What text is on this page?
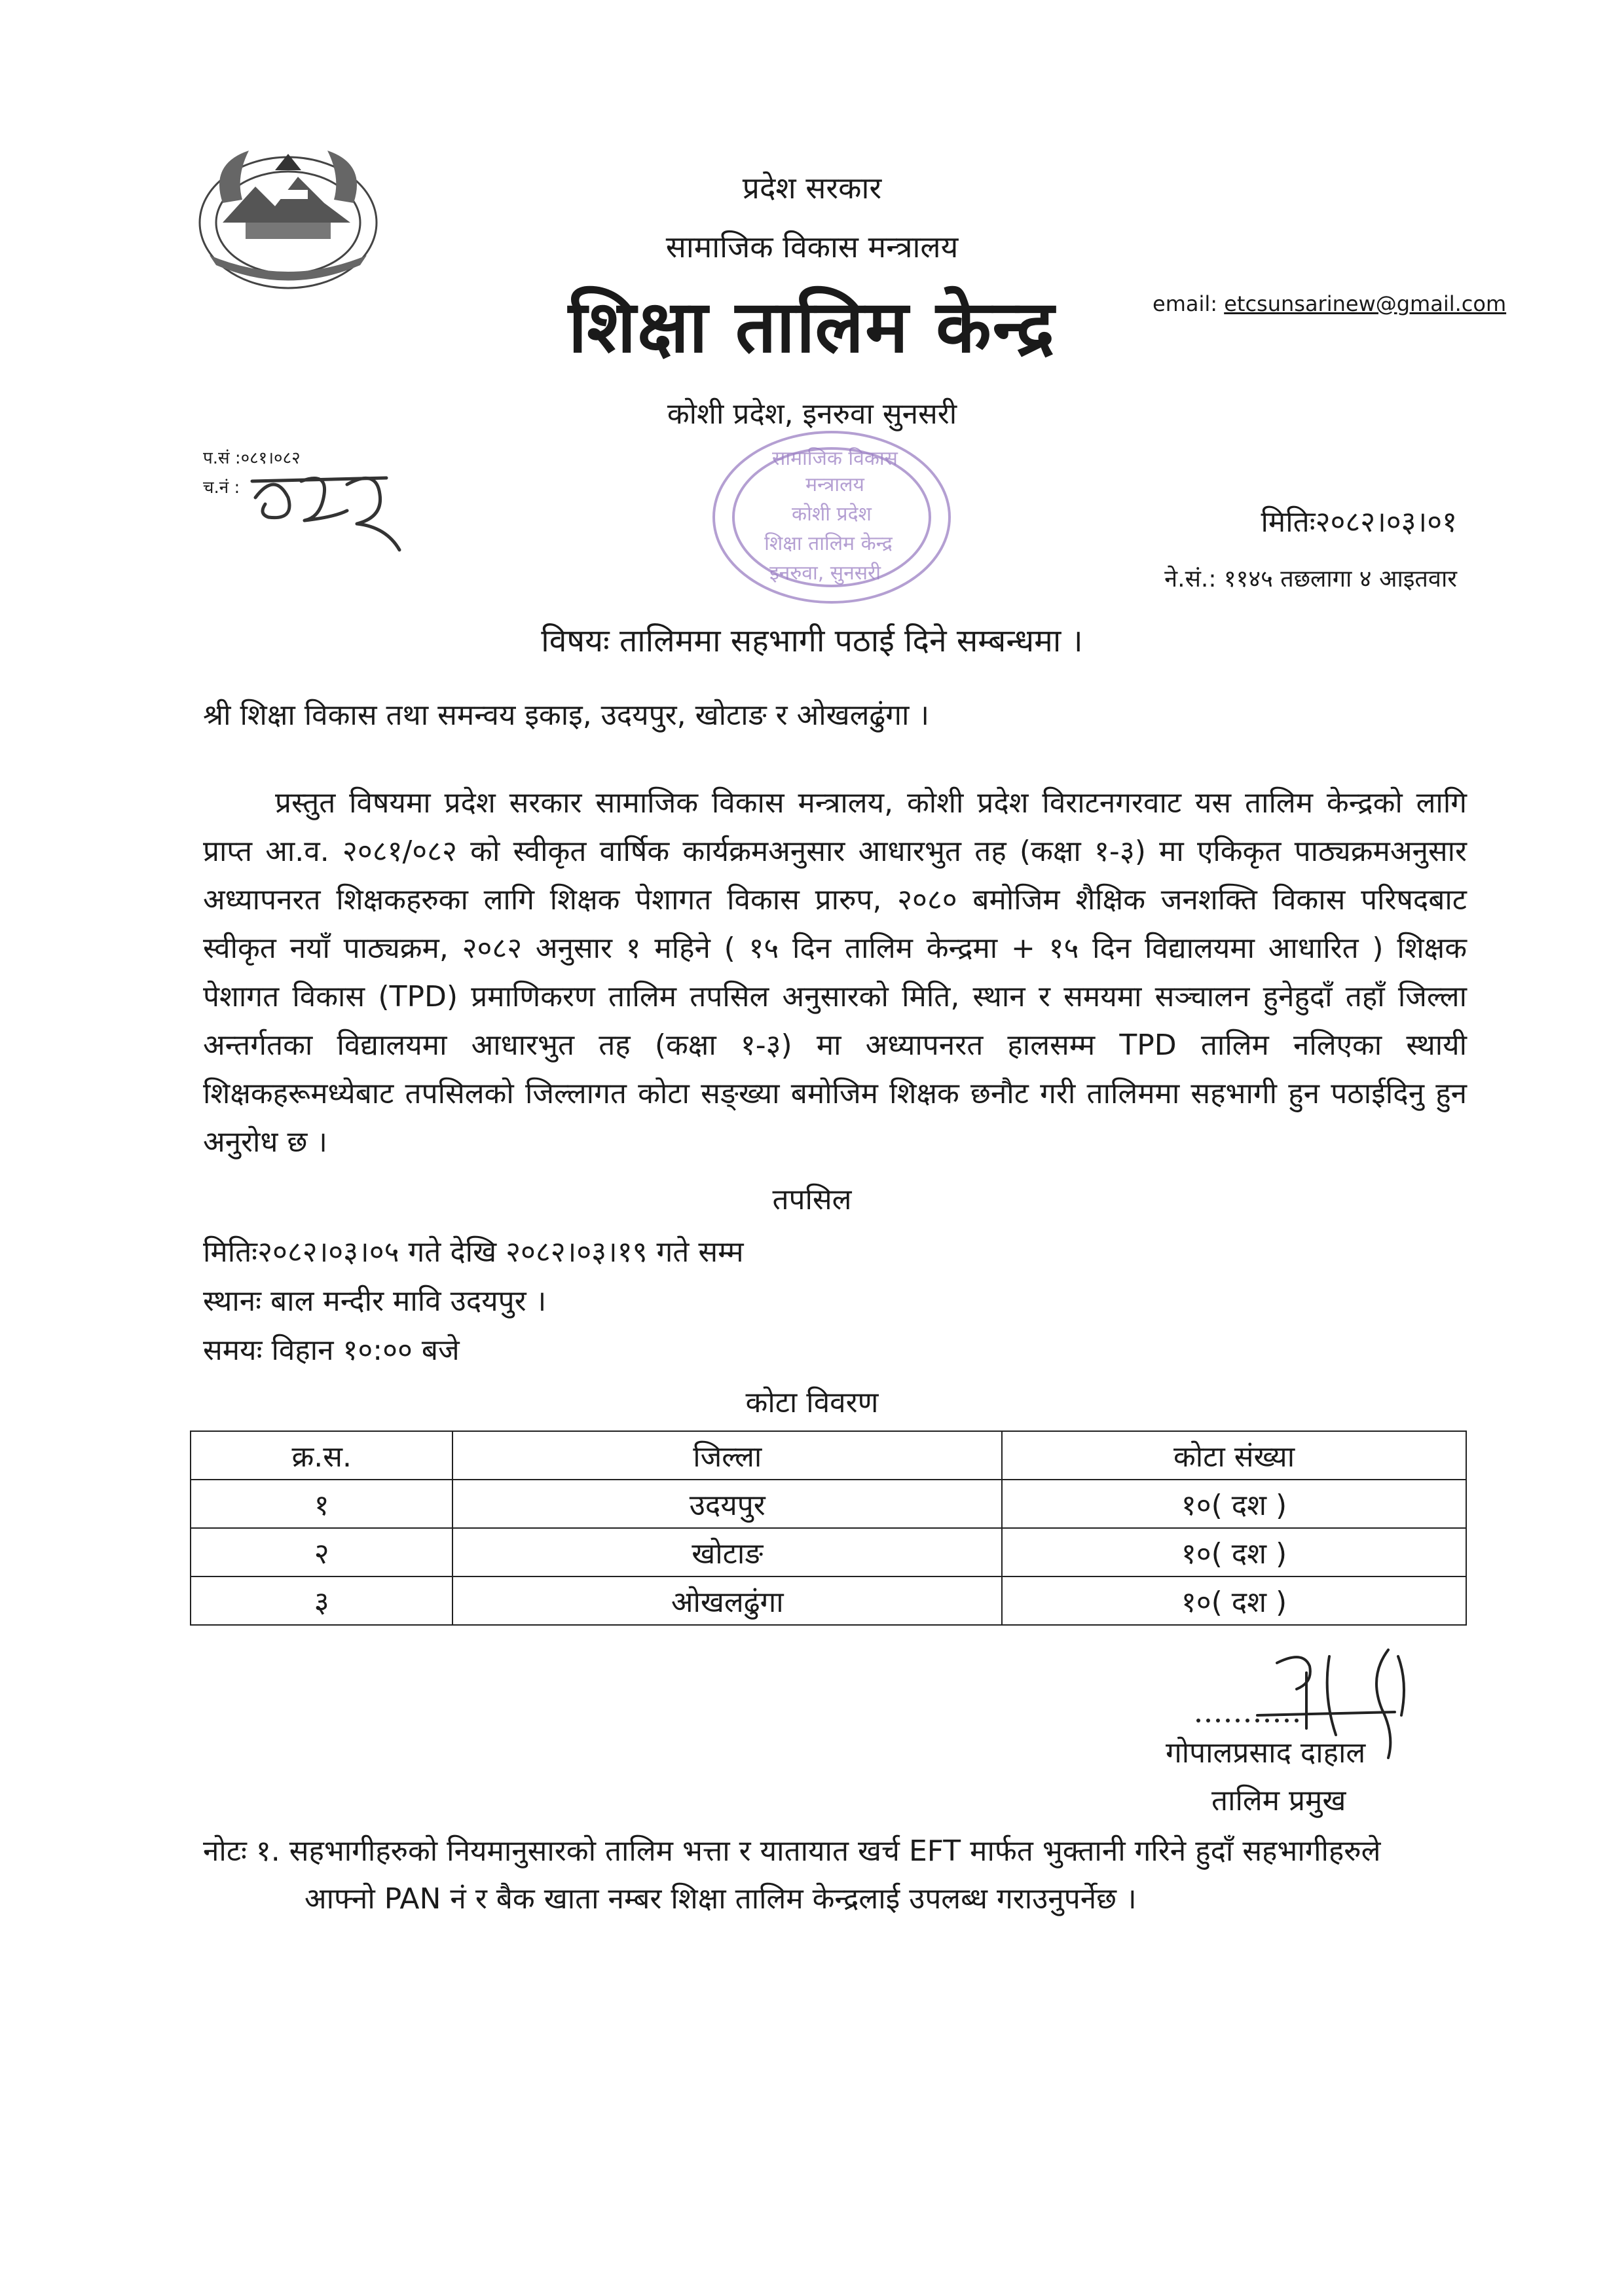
प्रदेश सरकार
सामाजिक विकास मन्त्रालय
शिक्षा तालिम केन्द्र
कोशी प्रदेश, इनरुवा सुनसरी
email: etcsunsarinew@gmail.com
प.सं :०८१।०८२
च.नं :
सामाजिक विकास
मन्त्रालय
कोशी प्रदेश
शिक्षा तालिम केन्द्र
इनरुवा, सुनसरी
मितिः२०८२।०३।०१
ने.सं.: ११४५ तछलागा ४ आइतवार
विषयः तालिममा सहभागी पठाई दिने सम्बन्धमा ।
श्री शिक्षा विकास तथा समन्वय इकाइ, उदयपुर, खोटाङ र ओखलढुंगा ।

प्रस्तुत विषयमा प्रदेश सरकार सामाजिक विकास मन्त्रालय, कोशी प्रदेश विराटनगरवाट यस तालिम केन्द्रको लागि प्राप्त आ.व. २०८१/०८२ को स्वीकृत वार्षिक कार्यक्रमअनुसार आधारभुत तह (कक्षा १-३) मा एकिकृत पाठ्यक्रमअनुसार अध्यापनरत शिक्षकहरुका लागि शिक्षक पेशागत विकास प्रारुप, २०८० बमोजिम शैक्षिक जनशक्ति विकास परिषदबाट स्वीकृत नयाँ पाठ्यक्रम, २०८२ अनुसार १ महिने ( १५ दिन तालिम केन्द्रमा + १५ दिन विद्यालयमा आधारित ) शिक्षक पेशागत विकास (TPD) प्रमाणिकरण तालिम तपसिल अनुसारको मिति, स्थान र समयमा सञ्चालन हुनेहुदाँ तहाँ जिल्ला अन्तर्गतका विद्यालयमा आधारभुत तह (कक्षा १-३) मा अध्यापनरत हालसम्म TPD तालिम नलिएका स्थायी शिक्षकहरूमध्येबाट तपसिलको जिल्लागत कोटा सङ्ख्या बमोजिम शिक्षक छनौट गरी तालिममा सहभागी हुन पठाईदिनु हुन अनुरोध छ ।

तपसिल
मितिः२०८२।०३।०५ गते देखि २०८२।०३।१९ गते सम्म
स्थानः बाल मन्दीर मावि उदयपुर ।
समयः विहान १०:०० बजे
कोटा विवरण
क्र.स.	जिल्ला	कोटा संख्या
१	उदयपुर	१०( दश )
२	खोटाङ	१०( दश )
३	ओखलढुंगा	१०( दश )
गोपालप्रसाद दाहाल
तालिम प्रमुख
नोटः १. सहभागीहरुको नियमानुसारको तालिम भत्ता र यातायात खर्च EFT मार्फत भुक्तानी गरिने हुदाँ सहभागीहरुले
आफ्नो PAN नं र बैक खाता नम्बर शिक्षा तालिम केन्द्रलाई उपलब्ध गराउनुपर्नेछ ।
